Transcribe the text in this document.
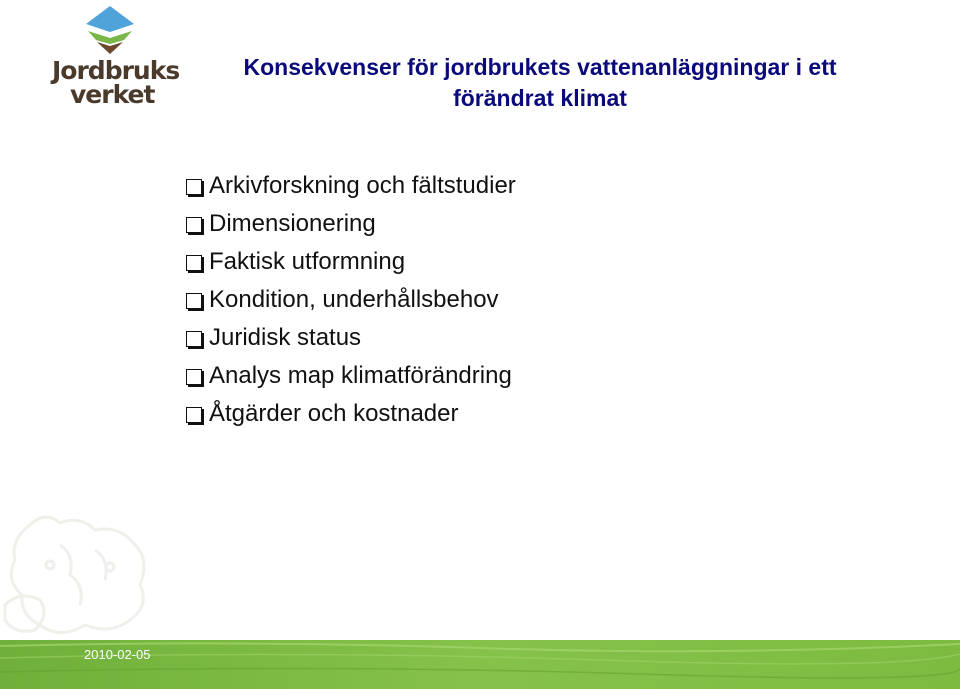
Jordbruks
verket
Konsekvenser för jordbrukets vattenanläggningar i ett förändrat klimat
Arkivforskning och fältstudier
Dimensionering
Faktisk utformning
Kondition, underhållsbehov
Juridisk status
Analys map klimatförändring
Åtgärder och kostnader
2010-02-05
